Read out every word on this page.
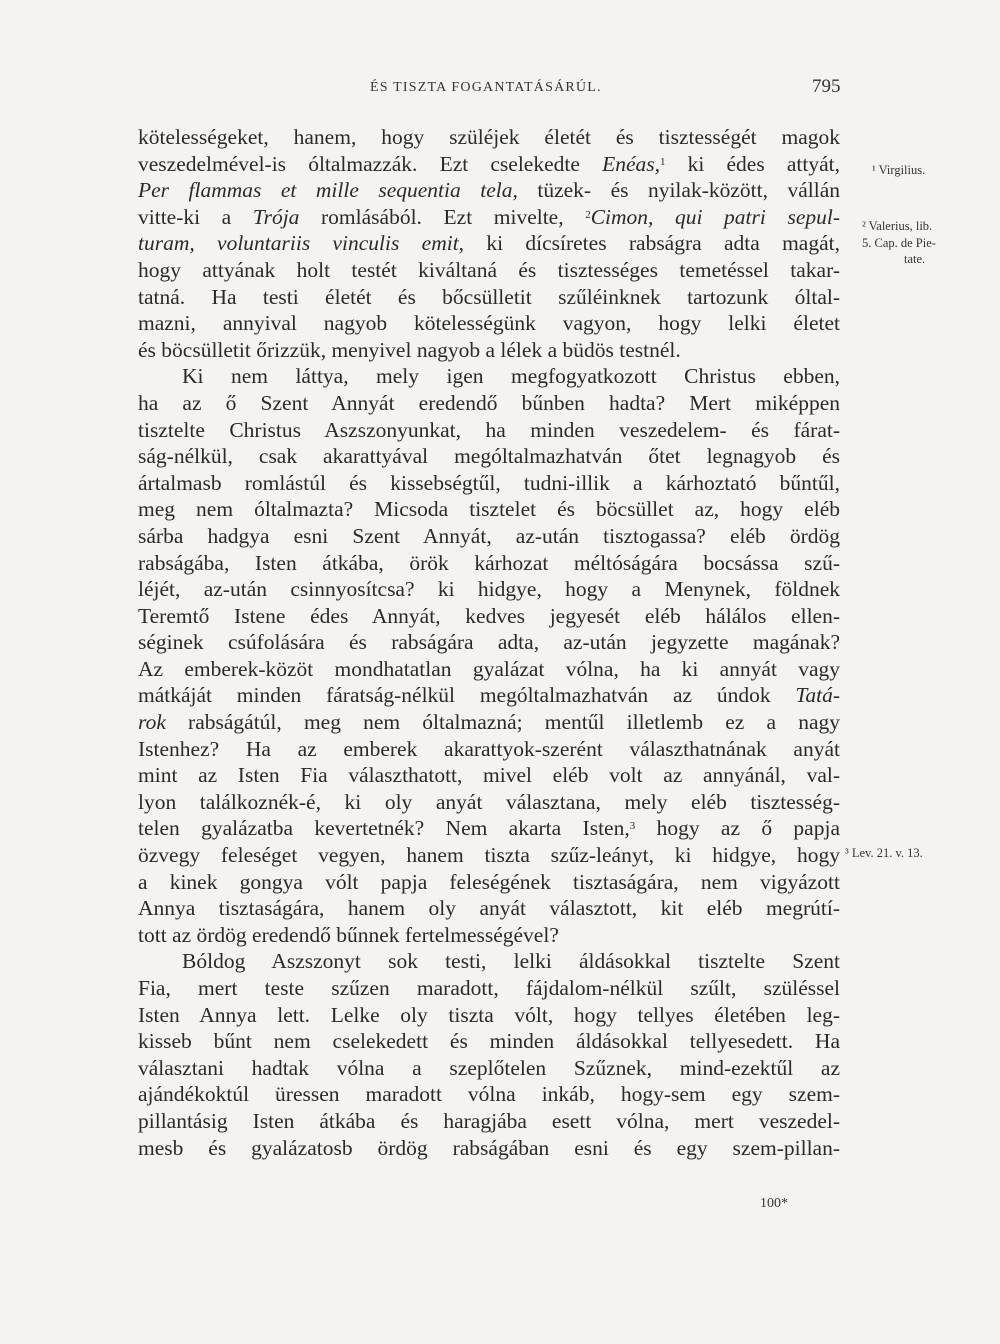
ÉS TISZTA FOGANTATÁSÁRÚL.	795
kötelességeket, hanem, hogy szüléjek életét és tisztességét magok
veszedelmével-is óltalmazzák. Ezt cselekedte Enéas,$^1$ ki édes attyát,
Per flammas et mille sequentia tela, tüzek- és nyilak-között, vállán
vitte-ki a Trója romlásából. Ezt mivelte, $^2$Cimon, qui patri sepul-
turam, voluntariis vinculis emit, ki dícsíretes rabságra adta magát,
hogy attyának holt testét kiváltaná és tisztességes temetéssel takar-
tatná. Ha testi életét és bőcsülletit szűléinknek tartozunk óltal-
mazni, annyival nagyob kötelességünk vagyon, hogy lelki életet
és böcsülletit őrizzük, menyivel nagyob a lélek a büdös testnél.
Ki nem láttya, mely igen megfogyatkozott Christus ebben,
ha az ő Szent Annyát eredendő bűnben hadta? Mert miképpen
tisztelte Christus Aszszonyunkat, ha minden veszedelem- és fárat-
ság-nélkül, csak akarattyával mególtalmazhatván őtet legnagyob és
ártalmasb romlástúl és kissebségtűl, tudni-illik a kárhoztató bűntűl,
meg nem óltalmazta? Micsoda tisztelet és böcsüllet az, hogy eléb
sárba hadgya esni Szent Annyát, az-után tisztogassa? eléb ördög
rabságába, Isten átkába, örök kárhozat méltóságára bocsássa szű-
léjét, az-után csinnyosítcsa? ki hidgye, hogy a Menynek, földnek
Teremtő Istene édes Annyát, kedves jegyesét eléb hálálos ellen-
séginek csúfolására és rabságára adta, az-után jegyzette magának?
Az emberek-közöt mondhatatlan gyalázat vólna, ha ki annyát vagy
mátkáját minden fáratság-nélkül mególtalmazhatván az úndok Tatá-
rok rabságátúl, meg nem óltalmazná; mentűl illetlemb ez a nagy
Istenhez? Ha az emberek akarattyok-szerént választhatnának anyát
mint az Isten Fia választhatott, mivel eléb volt az annyánál, val-
lyon találkoznék-é, ki oly anyát választana, mely eléb tisztesség-
telen gyalázatba kevertetnék? Nem akarta Isten,$^3$ hogy az ő papja
özvegy feleséget vegyen, hanem tiszta szűz-leányt, ki hidgye, hogy
a kinek gongya vólt papja feleségének tisztaságára, nem vigyázott
Annya tisztaságára, hanem oly anyát választott, kit eléb megrútí-
tott az ördög eredendő bűnnek fertelmességével?
Bóldog Aszszonyt sok testi, lelki áldásokkal tisztelte Szent
Fia, mert teste szűzen maradott, fájdalom-nélkül szűlt, szüléssel
Isten Annya lett. Lelke oly tiszta vólt, hogy tellyes életében leg-
kisseb bűnt nem cselekedett és minden áldásokkal tellyesedett. Ha
választani hadtak vólna a szeplőtelen Szűznek, mind-ezektűl az
ajándékoktúl üressen maradott vólna inkáb, hogy-sem egy szem-
pillantásig Isten átkába és haragjába esett vólna, mert veszedel-
mesb és gyalázatosb ördög rabságában esni és egy szem-pillan-
¹ Virgilius.
² Valerius, lib.
5. Cap. de Pie-
tate.
³ Lev. 21. v. 13.
100*
